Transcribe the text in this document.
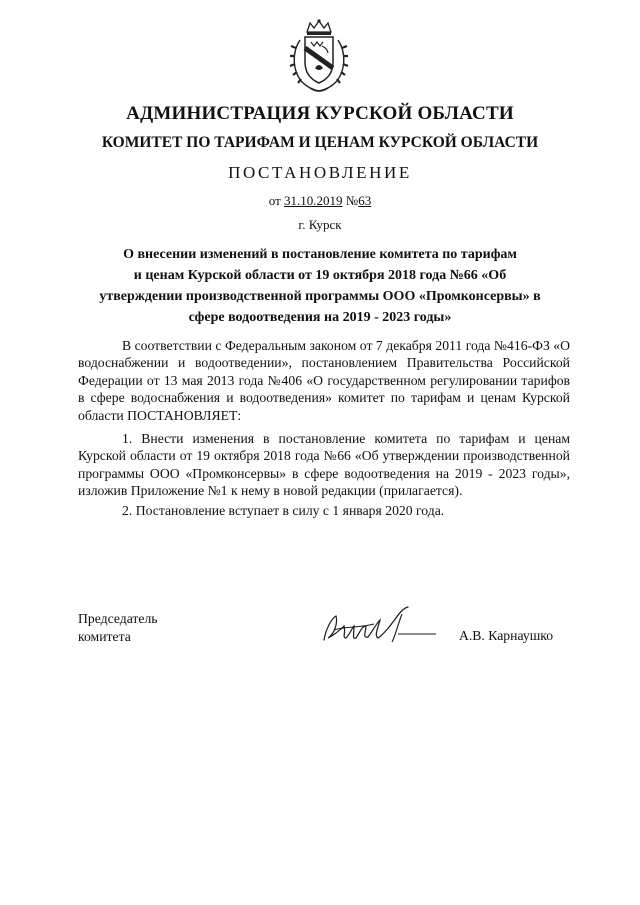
АДМИНИСТРАЦИЯ КУРСКОЙ ОБЛАСТИ
КОМИТЕТ ПО ТАРИФАМ И ЦЕНАМ КУРСКОЙ ОБЛАСТИ
ПОСТАНОВЛЕНИЕ
от 31.10.2019 №63
г. Курск
О внесении изменений в постановление комитета по тарифам
и ценам Курской области от 19 октября 2018 года №66 «Об
утверждении производственной программы ООО «Промконсервы» в
сфере водоотведения на 2019 - 2023 годы»

В соответствии с Федеральным законом от 7 декабря 2011 года №416-ФЗ «О водоснабжении и водоотведении», постановлением Правительства Российской Федерации от 13 мая 2013 года №406 «О государственном регулировании тарифов в сфере водоснабжения и водоотведения» комитет по тарифам и ценам Курской области ПОСТАНОВЛЯЕТ:

1. Внести изменения в постановление комитета по тарифам и ценам Курской области от 19 октября 2018 года №66 «Об утверждении производственной программы ООО «Промконсервы» в сфере водоотведения на 2019 - 2023 годы», изложив Приложение №1 к нему в новой редакции (прилагается).

2. Постановление вступает в силу с 1 января 2020 года.

Председатель
комитета	А.В. Карнаушко
